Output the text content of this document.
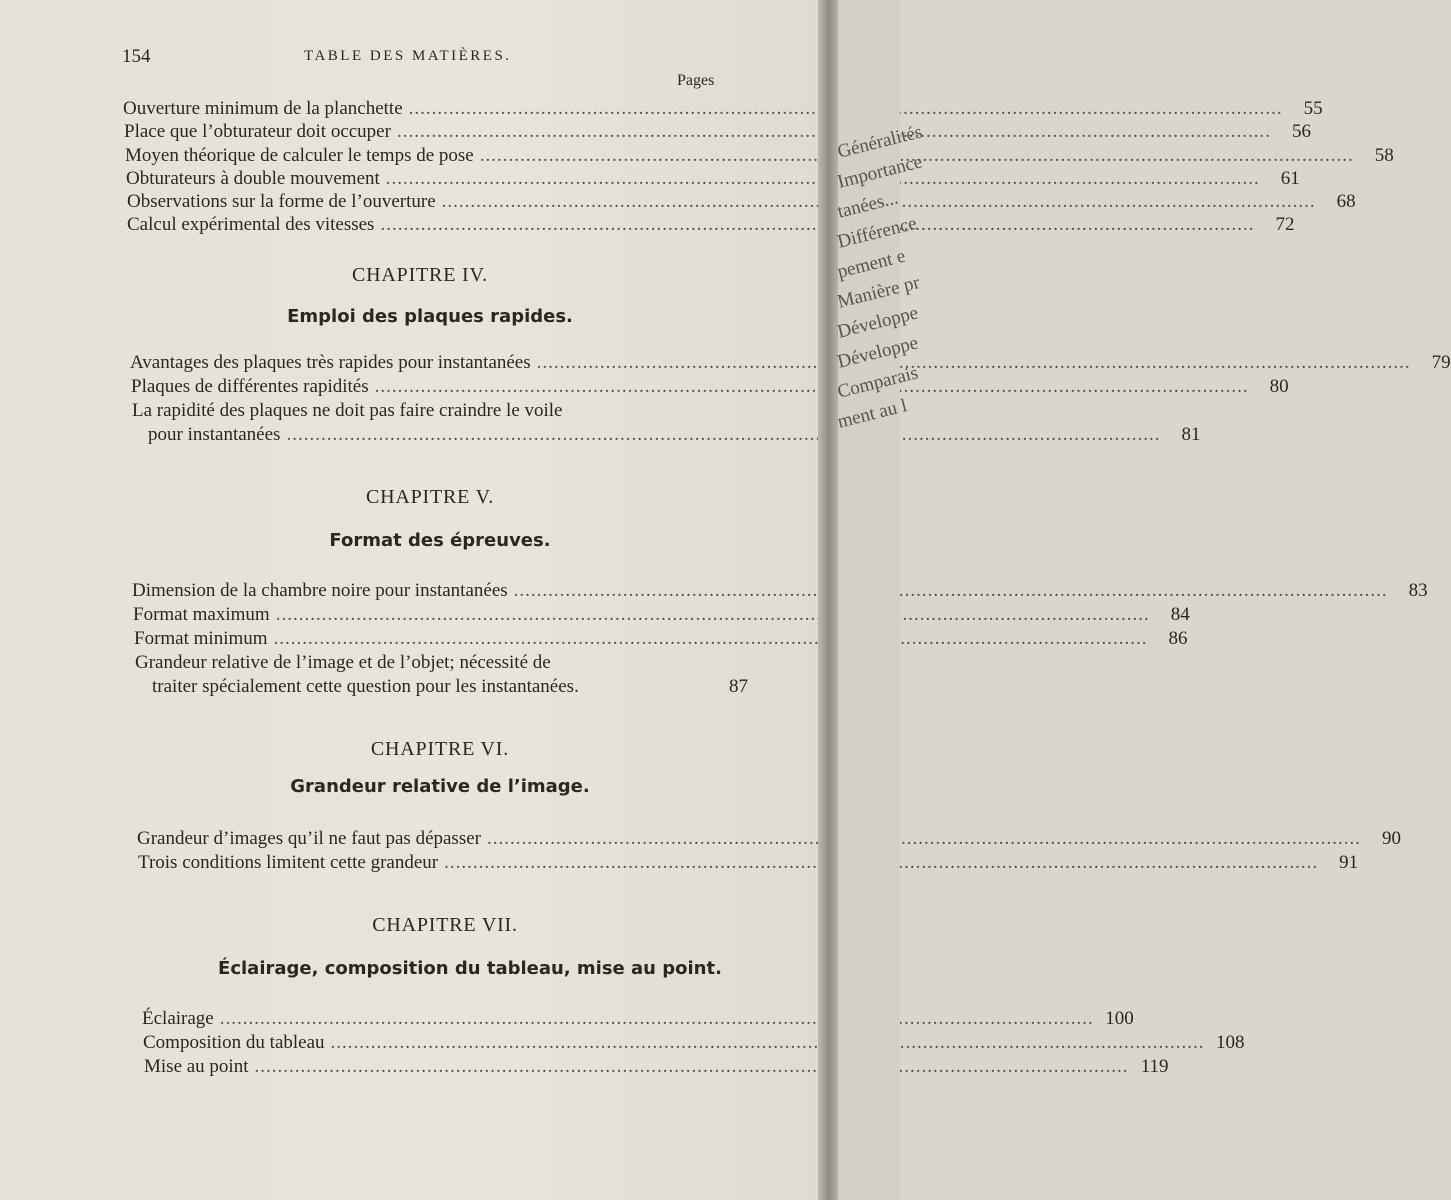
154	TABLE DES MATIÈRES.
Pages
Ouverture minimum de la planchette .....	55
Place que l’obturateur doit occuper .....	56
Moyen théorique de calculer le temps de pose .....	58
Obturateurs à double mouvement .....	61
Observations sur la forme de l’ouverture .....	68
Calcul expérimental des vitesses .....	72
CHAPITRE IV.
Emploi des plaques rapides.
Avantages des plaques très rapides pour instantanées .....	79
Plaques de différentes rapidités .....	80
La rapidité des plaques ne doit pas faire craindre le voile
pour instantanées .....	81
CHAPITRE V.
Format des épreuves.
Dimension de la chambre noire pour instantanées .....	83
Format maximum .....	84
Format minimum .....	86
Grandeur relative de l’image et de l’objet; nécessité de
traiter spécialement cette question pour les instantanées.	87
CHAPITRE VI.
Grandeur relative de l’image.
Grandeur d’images qu’il ne faut pas dépasser .....	90
Trois conditions limitent cette grandeur .....	91
CHAPITRE VII.
Éclairage, composition du tableau, mise au point.
Éclairage .....	100
Composition du tableau .....	108
Mise au point .....	119
Généralités
Importance
tanées...
Différence
pement e
Manière pr
Développe
Développe
Comparais
ment au l
